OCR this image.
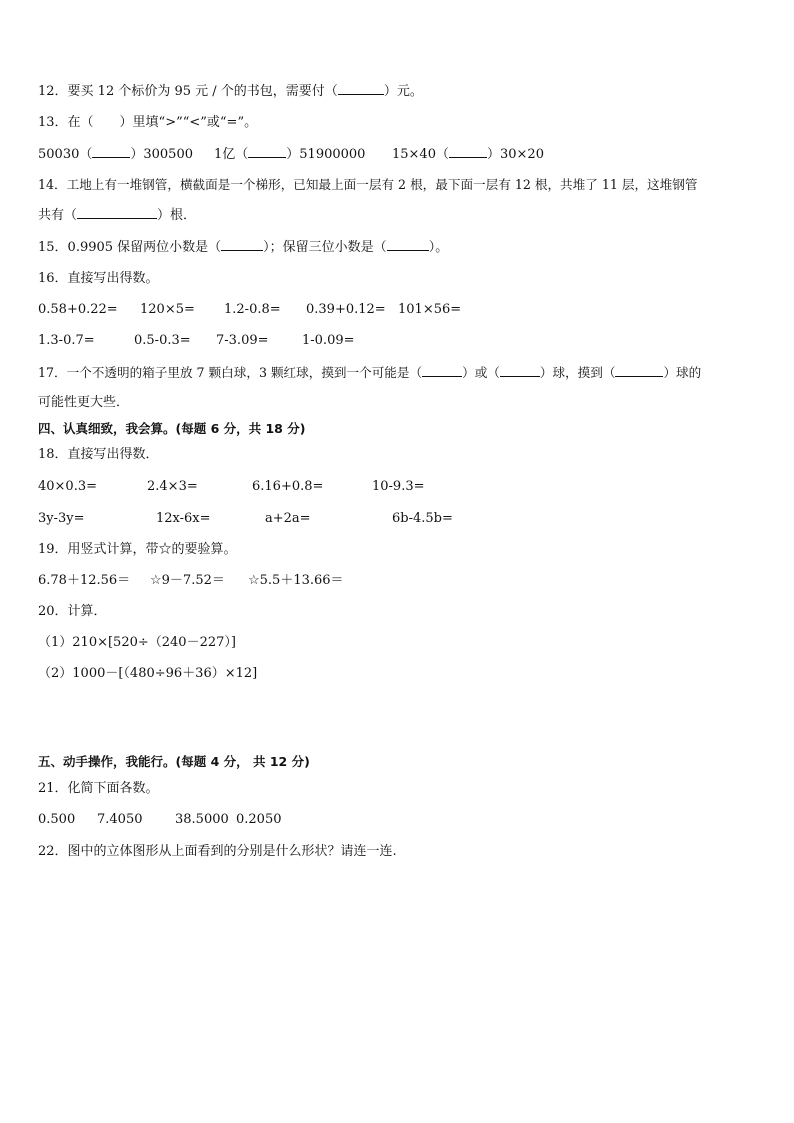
12．要买 12 个标价为 95 元 / 个的书包，需要付（	）元。
13．在（　　）里填“>”“<”或“=”。
50030（	）300500 1亿（	）51900000 15×40（	）30×20
14．工地上有一堆钢管，横截面是一个梯形，已知最上面一层有 2 根，最下面一层有 12 根，共堆了 11 层，这堆钢管
共有（	）根．
15．0.9905 保留两位小数是（	）；保留三位小数是（	）。
16．直接写出得数。
0.58+0.22= 120×5= 1.2-0.8= 0.39+0.12= 101×56=
1.3-0.7=	0.5-0.3= 7-3.09=	1-0.09=
17．一个不透明的箱子里放 7 颗白球，3 颗红球，摸到一个可能是（	）或（	）球，摸到（	）球的
可能性更大些．
四、认真细致，我会算。(每题 6 分，共 18 分)
18．直接写出得数．
40×0.3=	2.4×3=	6.16+0.8=	10-9.3=
3y-3y=	12x-6x=	a+2a=	6b-4.5b=
19．用竖式计算，带☆的要验算。
6.78＋12.56＝ ☆9－7.52＝ ☆5.5＋13.66＝
20．计算．
（1）210×[520÷（240－227）]
（2）1000－[（480÷96＋36）×12]
五、动手操作，我能行。(每题 4 分， 共 12 分)
21．化简下面各数。
0.500 7.4050	38.5000 0.2050
22．图中的立体图形从上面看到的分别是什么形状？请连一连.
